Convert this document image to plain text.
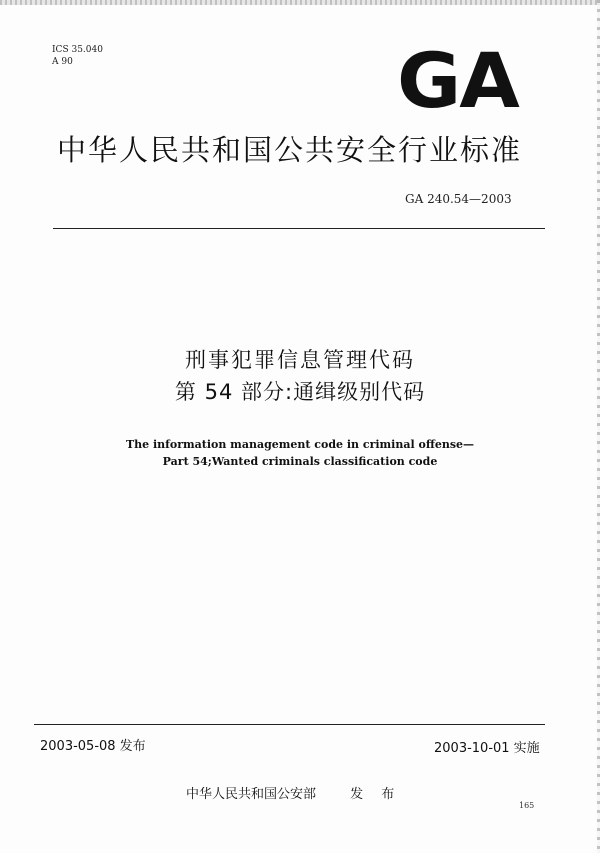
ICS 35.040
A 90	GA
中华人民共和国公共安全行业标准
GA 240.54—2003
刑事犯罪信息管理代码
第 54 部分:通缉级别代码
The information management code in criminal offense—
Part 54;Wanted criminals classification code
2003-05-08 发布	2003-10-01 实施
中华人民共和国公安部	发 布
165
